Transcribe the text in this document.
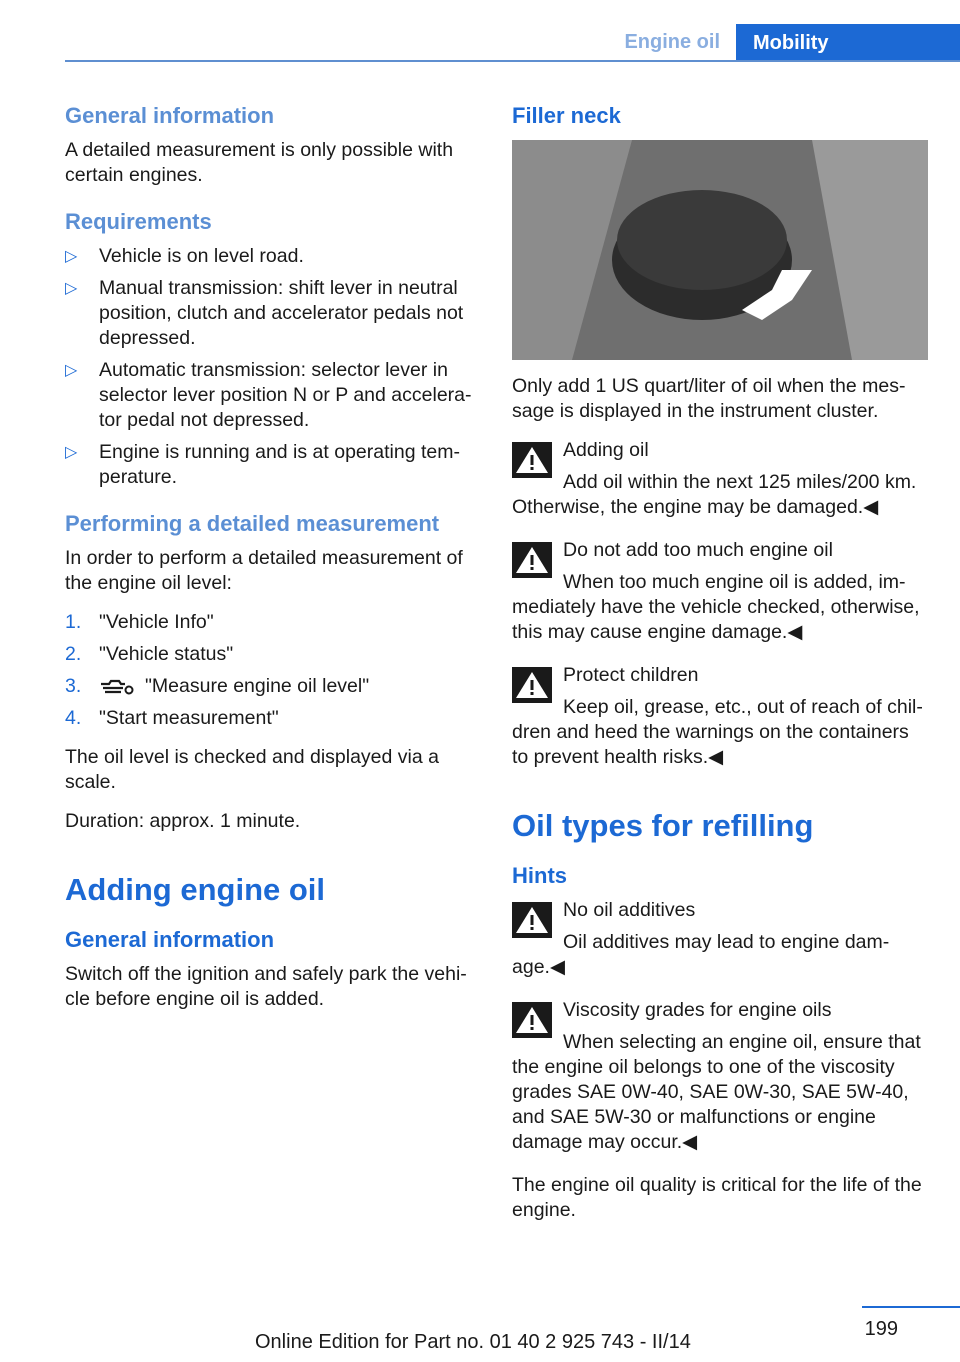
Engine oil	Mobility
General information

A detailed measurement is only possible with certain engines.

Requirements
▷ Vehicle is on level road.
▷ Manual transmission: shift lever in neutral position, clutch and accelerator pedals not depressed.
▷ Automatic transmission: selector lever in selector lever position N or P and accelera-tor pedal not depressed.
▷ Engine is running and is at operating tem-perature.
Performing a detailed measurement

In order to perform a detailed measurement of the engine oil level:

1. "Vehicle Info"
2. "Vehicle status"
3.	"Measure engine oil level"
4. "Start measurement"

The oil level is checked and displayed via a scale.

Duration: approx. 1 minute.

Adding engine oil
General information

Switch off the ignition and safely park the vehi-cle before engine oil is added.

Filler neck

Only add 1 US quart/liter of oil when the mes-sage is displayed in the instrument cluster.

Adding oil
Add oil within the next 125 miles/200 km.
Otherwise, the engine may be damaged.◀
Do not add too much engine oil
When too much engine oil is added, im-
mediately have the vehicle checked, otherwise, this may cause engine damage.◀
Protect children
Keep oil, grease, etc., out of reach of chil-
dren and heed the warnings on the containers to prevent health risks.◀
Oil types for refilling
Hints
No oil additives
Oil additives may lead to engine dam-
age.◀
Viscosity grades for engine oils
When selecting an engine oil, ensure that
the engine oil belongs to one of the viscosity grades SAE 0W-40, SAE 0W-30, SAE 5W-40, and SAE 5W-30 or malfunctions or engine damage may occur.◀

The engine oil quality is critical for the life of the engine.

199
Online Edition for Part no. 01 40 2 925 743 - II/14
